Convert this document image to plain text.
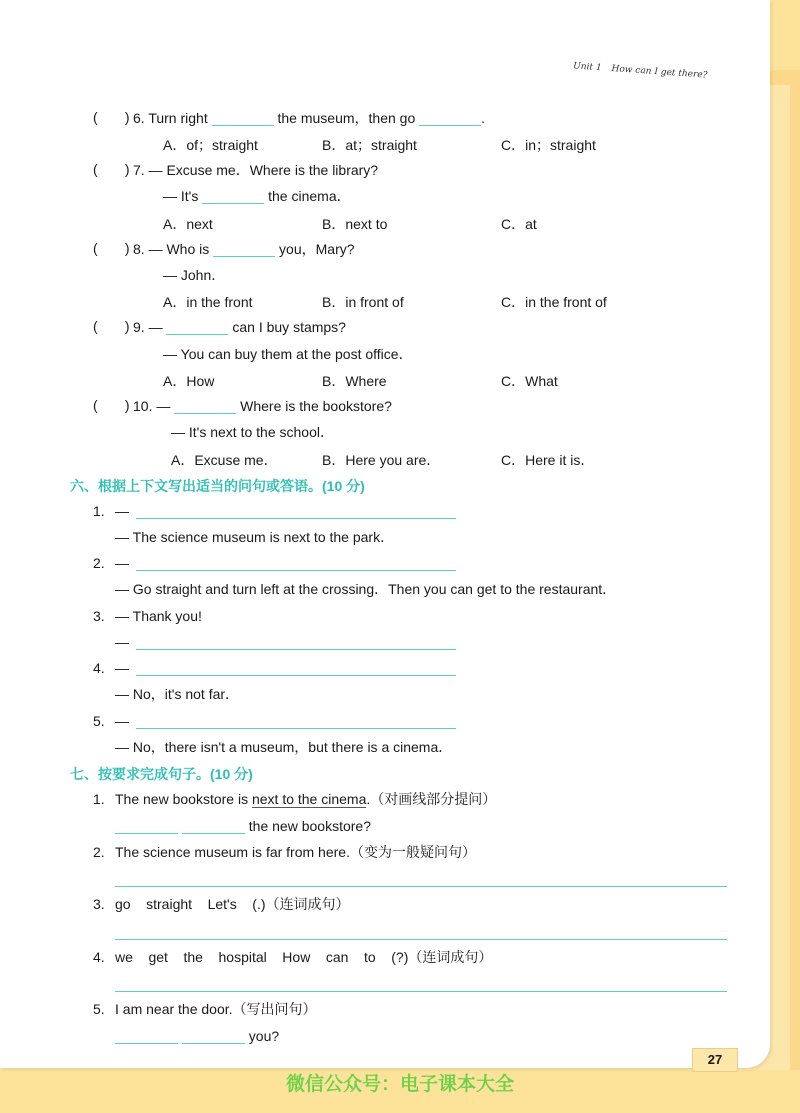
Unit 1 How can I get there?
(       ) 6. Turn right	the museum，then go	.
A．of；straight	B．at；straight	C．in；straight
(       ) 7. — Excuse me．Where is the library?
— It's	the cinema．
A．next	B．next to	C．at
(       ) 8. — Who is	you，Mary?
— John．
A．in the front	B．in front of	C．in the front of
(       ) 9. —	can I buy stamps?
— You can buy them at the post office．
A．How	B．Where	C．What
(       ) 10. —	Where is the bookstore?
— It's next to the school．
A．Excuse me．	B．Here you are．	C．Here it is．
六、根据上下文写出适当的问句或答语。(10 分)
1. —
— The science museum is next to the park．
2. —
— Go straight and turn left at the crossing．Then you can get to the restaurant．
3. — Thank you!
—
4. —
— No，it's not far．
5. —
— No，there isn't a museum，but there is a cinema．
七、按要求完成句子。(10 分)
1. The new bookstore is next to the cinema.（对画线部分提问）
the new bookstore?
2. The science museum is far from here.（变为一般疑问句）
3. go    straight    Let's    (.)（连词成句）
4. we    get    the    hospital    How    can    to    (?)（连词成句）
5. I am near the door.（写出问句）
you?
27
微信公众号：电子课本大全
